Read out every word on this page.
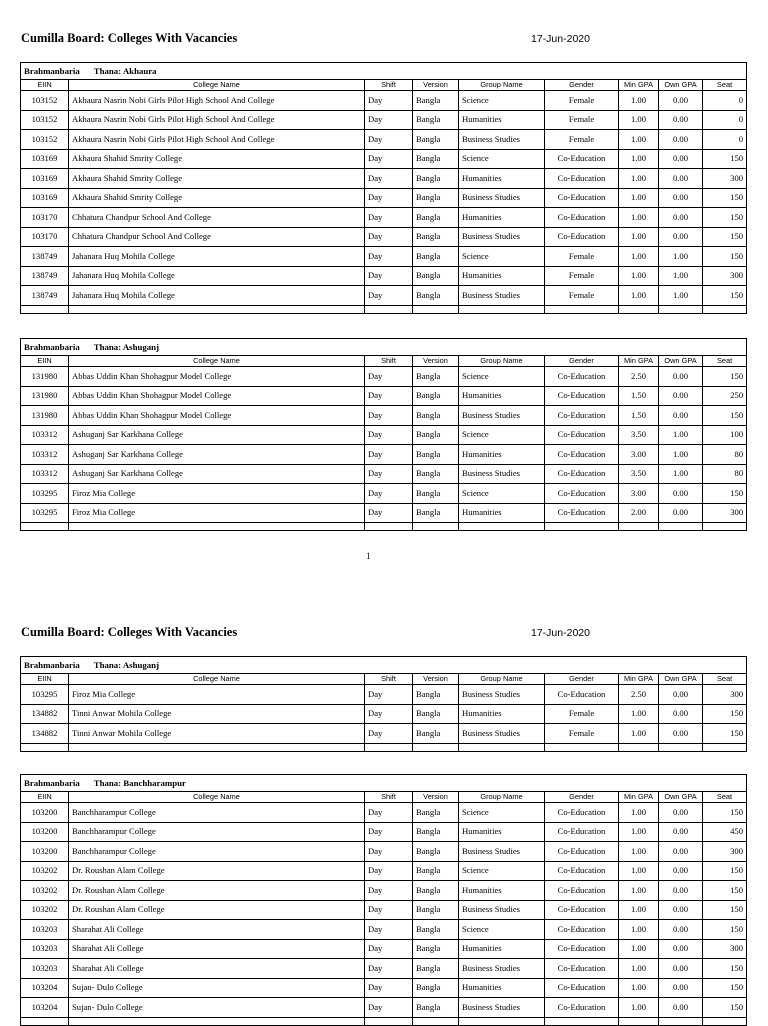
Cumilla Board: Colleges With Vacancies	17-Jun-2020
Brahmanbaria Thana: Akhaura								
EIIN	College Name	Shift	Version	Group Name	Gender	Min GPA	Own GPA	Seat
103152	Akhaura Nasrin Nobi Girls Pilot High School And College	Day	Bangla	Science	Female	1.00	0.00	0
103152	Akhaura Nasrin Nobi Girls Pilot High School And College	Day	Bangla	Humanities	Female	1.00	0.00	0
103152	Akhaura Nasrin Nobi Girls Pilot High School And College	Day	Bangla	Business Studies	Female	1.00	0.00	0
103169	Akhaura Shahid Smrity College	Day	Bangla	Science	Co-Education	1.00	0.00	150
103169	Akhaura Shahid Smrity College	Day	Bangla	Humanities	Co-Education	1.00	0.00	300
103169	Akhaura Shahid Smrity College	Day	Bangla	Business Studies	Co-Education	1.00	0.00	150
103170	Chhatura Chandpur School And College	Day	Bangla	Humanities	Co-Education	1.00	0.00	150
103170	Chhatura Chandpur School And College	Day	Bangla	Business Studies	Co-Education	1.00	0.00	150
138749	Jahanara Huq Mohila College	Day	Bangla	Science	Female	1.00	1.00	150
138749	Jahanara Huq Mohila College	Day	Bangla	Humanities	Female	1.00	1.00	300
138749	Jahanara Huq Mohila College	Day	Bangla	Business Studies	Female	1.00	1.00	150

Brahmanbaria Thana: Ashuganj								
EIIN	College Name	Shift	Version	Group Name	Gender	Min GPA	Own GPA	Seat
131980	Abbas Uddin Khan Shohagpur Model College	Day	Bangla	Science	Co-Education	2.50	0.00	150
131980	Abbas Uddin Khan Shohagpur Model College	Day	Bangla	Humanities	Co-Education	1.50	0.00	250
131980	Abbas Uddin Khan Shohagpur Model College	Day	Bangla	Business Studies	Co-Education	1.50	0.00	150
103312	Ashuganj Sar Karkhana College	Day	Bangla	Science	Co-Education	3.50	1.00	100
103312	Ashuganj Sar Karkhana College	Day	Bangla	Humanities	Co-Education	3.00	1.00	80
103312	Ashuganj Sar Karkhana College	Day	Bangla	Business Studies	Co-Education	3.50	1.00	80
103295	Firoz Mia College	Day	Bangla	Science	Co-Education	3.00	0.00	150
103295	Firoz Mia College	Day	Bangla	Humanities	Co-Education	2.00	0.00	300

1
Cumilla Board: Colleges With Vacancies	17-Jun-2020
Brahmanbaria Thana: Ashuganj								
EIIN	College Name	Shift	Version	Group Name	Gender	Min GPA	Own GPA	Seat
103295	Firoz Mia College	Day	Bangla	Business Studies	Co-Education	2.50	0.00	300
134882	Tinni Anwar Mohila College	Day	Bangla	Humanities	Female	1.00	0.00	150
134882	Tinni Anwar Mohila College	Day	Bangla	Business Studies	Female	1.00	0.00	150

Brahmanbaria Thana: Banchharampur								
EIIN	College Name	Shift	Version	Group Name	Gender	Min GPA	Own GPA	Seat
103200	Banchharampur College	Day	Bangla	Science	Co-Education	1.00	0.00	150
103200	Banchharampur College	Day	Bangla	Humanities	Co-Education	1.00	0.00	450
103200	Banchharampur College	Day	Bangla	Business Studies	Co-Education	1.00	0.00	300
103202	Dr. Roushan Alam College	Day	Bangla	Science	Co-Education	1.00	0.00	150
103202	Dr. Roushan Alam College	Day	Bangla	Humanities	Co-Education	1.00	0.00	150
103202	Dr. Roushan Alam College	Day	Bangla	Business Studies	Co-Education	1.00	0.00	150
103203	Sharahat Ali College	Day	Bangla	Science	Co-Education	1.00	0.00	150
103203	Sharahat Ali College	Day	Bangla	Humanities	Co-Education	1.00	0.00	300
103203	Sharahat Ali College	Day	Bangla	Business Studies	Co-Education	1.00	0.00	150
103204	Sujan- Dulo College	Day	Bangla	Humanities	Co-Education	1.00	0.00	150
103204	Sujan- Dulo College	Day	Bangla	Business Studies	Co-Education	1.00	0.00	150
